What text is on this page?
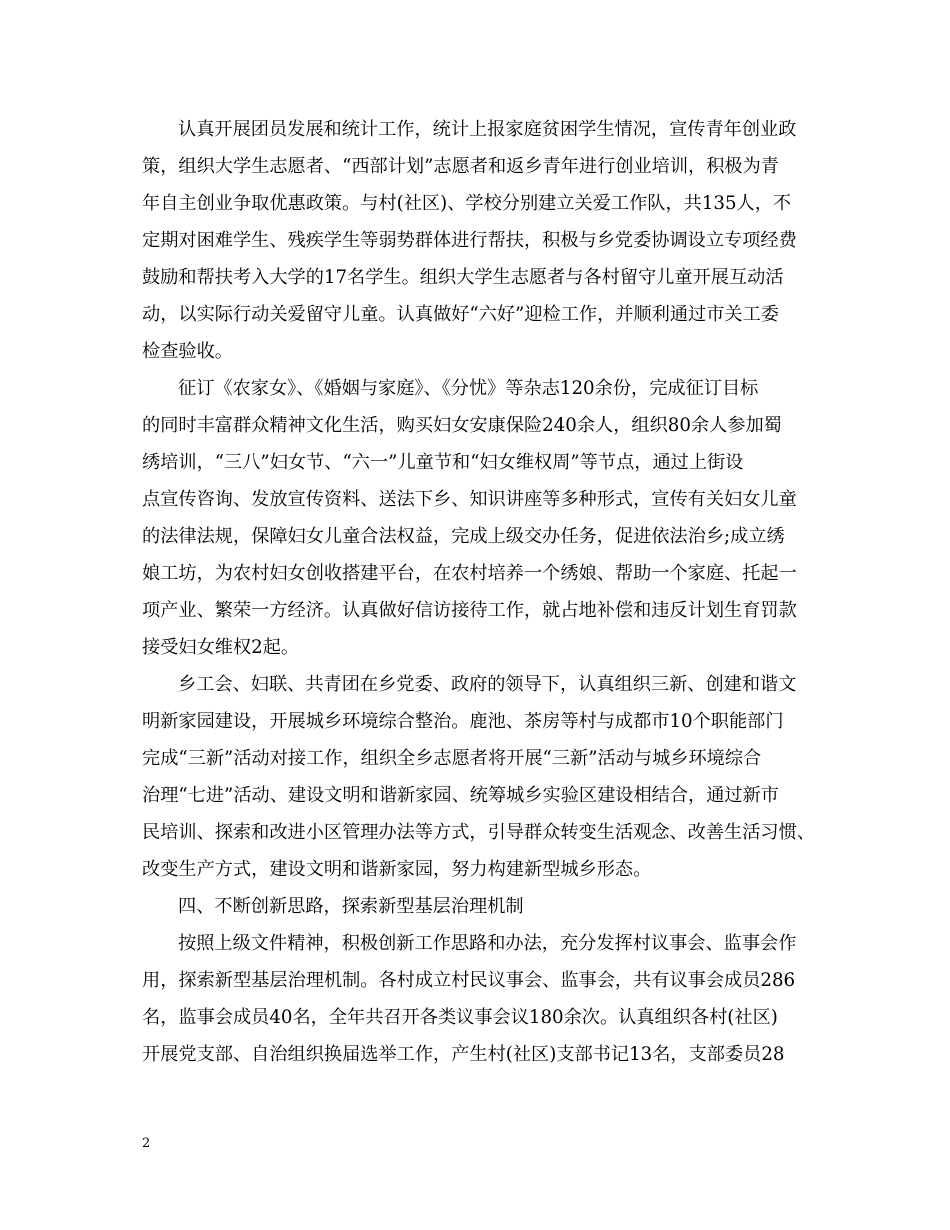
认真开展团员发展和统计工作，统计上报家庭贫困学生情况，宣传青年创业政
策，组织大学生志愿者、“西部计划”志愿者和返乡青年进行创业培训，积极为青
年自主创业争取优惠政策。与村(社区)、学校分别建立关爱工作队，共135人，不
定期对困难学生、残疾学生等弱势群体进行帮扶，积极与乡党委协调设立专项经费
鼓励和帮扶考入大学的17名学生。组织大学生志愿者与各村留守儿童开展互动活
动，以实际行动关爱留守儿童。认真做好“六好”迎检工作，并顺利通过市关工委
检查验收。
征订《农家女》、《婚姻与家庭》、《分忧》等杂志120余份，完成征订目标
的同时丰富群众精神文化生活，购买妇女安康保险240余人，组织80余人参加蜀
绣培训，“三八”妇女节、“六一”儿童节和“妇女维权周”等节点，通过上街设
点宣传咨询、发放宣传资料、送法下乡、知识讲座等多种形式，宣传有关妇女儿童
的法律法规，保障妇女儿童合法权益，完成上级交办任务，促进依法治乡;成立绣
娘工坊，为农村妇女创收搭建平台，在农村培养一个绣娘、帮助一个家庭、托起一
项产业、繁荣一方经济。认真做好信访接待工作，就占地补偿和违反计划生育罚款
接受妇女维权2起。
乡工会、妇联、共青团在乡党委、政府的领导下，认真组织三新、创建和谐文
明新家园建设，开展城乡环境综合整治。鹿池、茶房等村与成都市10个职能部门
完成“三新”活动对接工作，组织全乡志愿者将开展“三新”活动与城乡环境综合
治理“七进”活动、建设文明和谐新家园、统筹城乡实验区建设相结合，通过新市
民培训、探索和改进小区管理办法等方式，引导群众转变生活观念、改善生活习惯、
改变生产方式，建设文明和谐新家园，努力构建新型城乡形态。
四、不断创新思路，探索新型基层治理机制
按照上级文件精神，积极创新工作思路和办法，充分发挥村议事会、监事会作
用，探索新型基层治理机制。各村成立村民议事会、监事会，共有议事会成员286
名，监事会成员40名，全年共召开各类议事会议180余次。认真组织各村(社区)
开展党支部、自治组织换届选举工作，产生村(社区)支部书记13名，支部委员28
2
